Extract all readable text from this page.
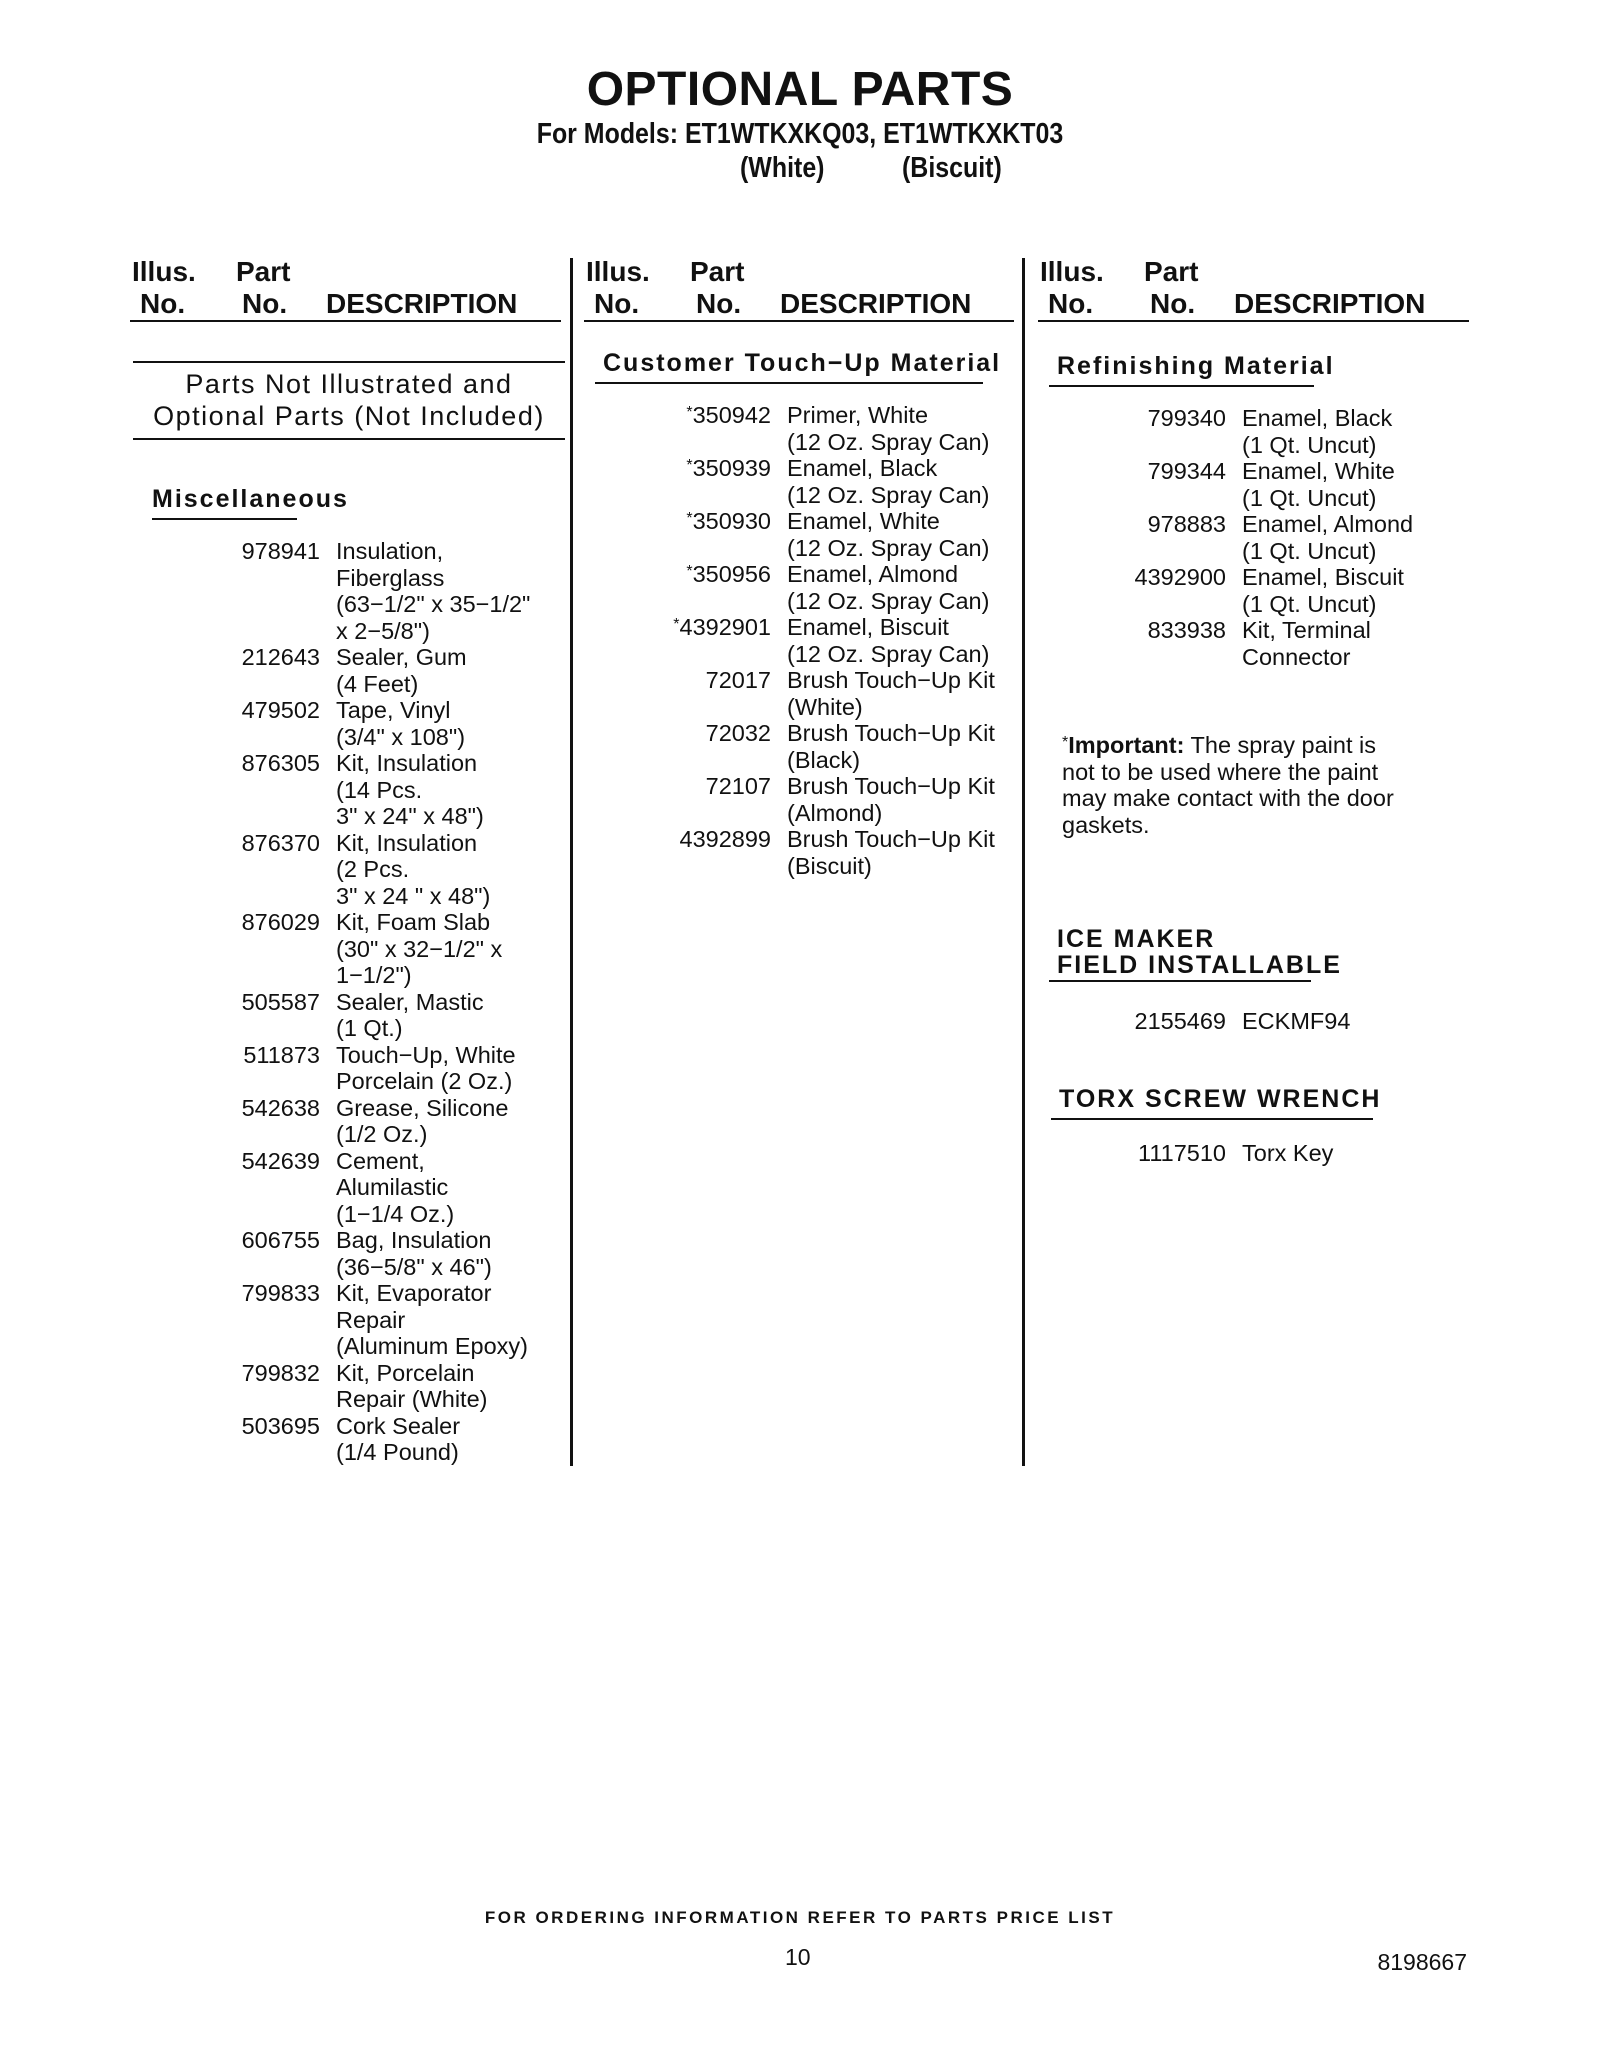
OPTIONAL PARTS
For Models: ET1WTKXKQ03, ET1WTKXKT03
(White)	(Biscuit)
Illus.
No.
Part
No. DESCRIPTION
Illus.
No.
Part
No. DESCRIPTION
Illus.
No.
Part
No. DESCRIPTION
Parts Not Illustrated and
Optional Parts (Not Included)
Miscellaneous
978941 Insulation,
Fiberglass
(63−1/2" x 35−1/2"
x 2−5/8")
212643 Sealer, Gum
(4 Feet)
479502 Tape, Vinyl
(3/4" x 108")
876305 Kit, Insulation
(14 Pcs.
3" x 24" x 48")
876370 Kit, Insulation
(2 Pcs.
3" x 24 " x 48")
876029 Kit, Foam Slab
(30" x 32−1/2" x
1−1/2")
505587 Sealer, Mastic
(1 Qt.)
511873 Touch−Up, White
Porcelain (2 Oz.)
542638 Grease, Silicone
(1/2 Oz.)
542639 Cement,
Alumilastic
(1−1/4 Oz.)
606755 Bag, Insulation
(36−5/8" x 46")
799833 Kit, Evaporator
Repair
(Aluminum Epoxy)
799832 Kit, Porcelain
Repair (White)
503695 Cork Sealer
(1/4 Pound)
Customer Touch−Up Material
*350942 Primer, White
(12 Oz. Spray Can)
*350939 Enamel, Black
(12 Oz. Spray Can)
*350930 Enamel, White
(12 Oz. Spray Can)
*350956 Enamel, Almond
(12 Oz. Spray Can)
*4392901 Enamel, Biscuit
(12 Oz. Spray Can)
72017 Brush Touch−Up Kit
(White)
72032 Brush Touch−Up Kit
(Black)
72107 Brush Touch−Up Kit
(Almond)
4392899 Brush Touch−Up Kit
(Biscuit)
Refinishing Material
799340 Enamel, Black
(1 Qt. Uncut)
799344 Enamel, White
(1 Qt. Uncut)
978883 Enamel, Almond
(1 Qt. Uncut)
4392900 Enamel, Biscuit
(1 Qt. Uncut)
833938 Kit, Terminal
Connector
*Important: The spray paint is
not to be used where the paint
may make contact with the door
gaskets.
ICE MAKER
FIELD INSTALLABLE
2155469 ECKMF94
TORX SCREW WRENCH
1117510 Torx Key
FOR ORDERING INFORMATION REFER TO PARTS PRICE LIST
10	8198667
